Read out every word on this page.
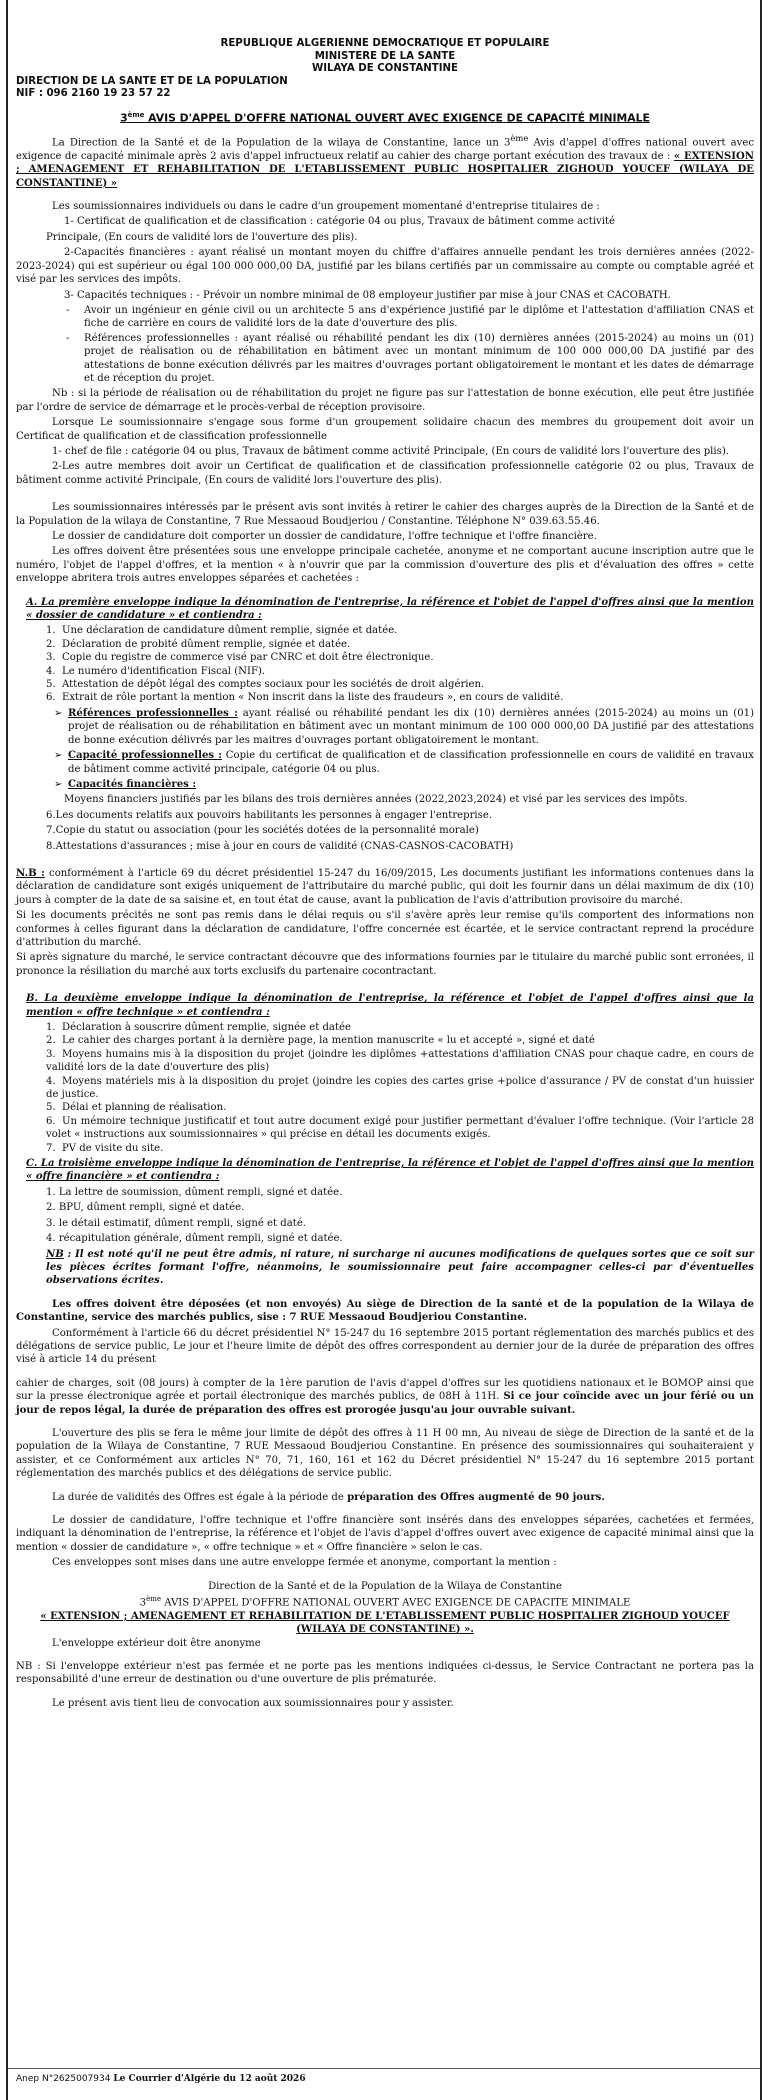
REPUBLIQUE ALGERIENNE DEMOCRATIQUE ET POPULAIRE
MINISTERE DE LA SANTE
WILAYA DE CONSTANTINE
DIRECTION DE LA SANTE ET DE LA POPULATION
NIF : 096 2160 19 23 57 22
3ème AVIS D'APPEL D'OFFRE NATIONAL OUVERT AVEC EXIGENCE DE CAPACITÉ MINIMALE

La Direction de la Santé et de la Population de la wilaya de Constantine, lance un 3ème Avis d'appel d'offres national ouvert avec exigence de capacité minimale après 2 avis d'appel infructueux relatif au cahier des charge portant exécution des travaux de : « EXTENSION ; AMENAGEMENT ET REHABILITATION DE L'ETABLISSEMENT PUBLIC HOSPITALIER ZIGHOUD YOUCEF (WILAYA DE CONSTANTINE) »

Les soumissionnaires individuels ou dans le cadre d'un groupement momentané d'entreprise titulaires de :

1- Certificat de qualification et de classification : catégorie 04 ou plus, Travaux de bâtiment comme activité

Principale, (En cours de validité lors de l'ouverture des plis).

2-Capacités financières : ayant réalisé un montant moyen du chiffre d'affaires annuelle pendant les trois dernières années (2022-2023-2024) qui est supérieur ou égal 100 000 000,00 DA, justifié par les bilans certifiés par un commissaire au compte ou comptable agréé et visé par les services des impôts.

3- Capacités techniques : - Prévoir un nombre minimal de 08 employeur justifier par mise à jour CNAS et CACOBATH.

- Avoir un ingénieur en génie civil ou un architecte 5 ans d'expérience justifié par le diplôme et l'attestation d'affiliation CNAS et fiche de carrière en cours de validité lors de la date d'ouverture des plis.
- Références professionnelles : ayant réalisé ou réhabilité pendant les dix (10) dernières années (2015-2024) au moins un (01) projet de réalisation ou de réhabilitation en bâtiment avec un montant minimum de 100 000 000,00 DA justifié par des attestations de bonne exécution délivrés par les maitres d'ouvrages portant obligatoirement le montant et les dates de démarrage et de réception du projet.

Nb : si la période de réalisation ou de réhabilitation du projet ne figure pas sur l'attestation de bonne exécution, elle peut être justifiée par l'ordre de service de démarrage et le procès-verbal de réception provisoire.

Lorsque Le soumissionnaire s'engage sous forme d'un groupement solidaire chacun des membres du groupement doit avoir un Certificat de qualification et de classification professionnelle

1- chef de file : catégorie 04 ou plus, Travaux de bâtiment comme activité Principale, (En cours de validité lors l'ouverture des plis).

2-Les autre membres doit avoir un Certificat de qualification et de classification professionnelle catégorie 02 ou plus, Travaux de bâtiment comme activité Principale, (En cours de validité lors l'ouverture des plis).

Les soumissionnaires intéressés par le présent avis sont invités à retirer le cahier des charges auprès de la Direction de la Santé et de la Population de la wilaya de Constantine, 7 Rue Messaoud Boudjeriou / Constantine. Téléphone N° 039.63.55.46.

Le dossier de candidature doit comporter un dossier de candidature, l'offre technique et l'offre financière.

Les offres doivent être présentées sous une enveloppe principale cachetée, anonyme et ne comportant aucune inscription autre que le numéro, l'objet de l'appel d'offres, et la mention « à n'ouvrir que par la commission d'ouverture des plis et d'évaluation des offres » cette enveloppe abritera trois autres enveloppes séparées et cachetées :

A. La première enveloppe indique la dénomination de l'entreprise, la référence et l'objet de l'appel d'offres ainsi que la mention « dossier de candidature » et contiendra :

1. Une déclaration de candidature dûment remplie, signée et datée.
2. Déclaration de probité dûment remplie, signée et datée.
3. Copie du registre de commerce visé par CNRC et doit être électronique.
4. Le numéro d'identification Fiscal (NIF).
5. Attestation de dépôt légal des comptes sociaux pour les sociétés de droit algérien.
6. Extrait de rôle portant la mention « Non inscrit dans la liste des fraudeurs », en cours de validité.

➢ Références professionnelles : ayant réalisé ou réhabilité pendant les dix (10) dernières années (2015-2024) au moins un (01) projet de réalisation ou de réhabilitation en bâtiment avec un montant minimum de 100 000 000,00 DA justifié par des attestations de bonne exécution délivrés par les maitres d'ouvrages portant obligatoirement le montant.

➢ Capacité professionnelles : Copie du certificat de qualification et de classification professionnelle en cours de validité en travaux de bâtiment comme activité principale, catégorie 04 ou plus.

➢ Capacités financières :

Moyens financiers justifiés par les bilans des trois dernières années (2022,2023,2024) et visé par les services des impôts.

6.Les documents relatifs aux pouvoirs habilitants les personnes à engager l'entreprise.

7.Copie du statut ou association (pour les sociétés dotées de la personnalité morale)

8.Attestations d'assurances ; mise à jour en cours de validité (CNAS-CASNOS-CACOBATH)

N.B : conformément à l'article 69 du décret présidentiel 15-247 du 16/09/2015, Les documents justifiant les informations contenues dans la déclaration de candidature sont exigés uniquement de l'attributaire du marché public, qui doit les fournir dans un délai maximum de dix (10) jours à compter de la date de sa saisine et, en tout état de cause, avant la publication de l'avis d'attribution provisoire du marché.

Si les documents précités ne sont pas remis dans le délai requis ou s'il s'avère après leur remise qu'ils comportent des informations non conformes à celles figurant dans la déclaration de candidature, l'offre concernée est écartée, et le service contractant reprend la procédure d'attribution du marché.

Si après signature du marché, le service contractant découvre que des informations fournies par le titulaire du marché public sont erronées, il prononce la résiliation du marché aux torts exclusifs du partenaire cocontractant.

B. La deuxième enveloppe indique la dénomination de l'entreprise, la référence et l'objet de l'appel d'offres ainsi que la mention « offre technique » et contiendra :

1. Déclaration à souscrire dûment remplie, signée et datée
2. Le cahier des charges portant à la dernière page, la mention manuscrite « lu et accepté », signé et daté
3. Moyens humains mis à la disposition du projet (joindre les diplômes +attestations d'affiliation CNAS pour chaque cadre, en cours de validité lors de la date d'ouverture des plis)
4. Moyens matériels mis à la disposition du projet (joindre les copies des cartes grise +police d'assurance / PV de constat d'un huissier de justice.
5. Délai et planning de réalisation.
6. Un mémoire technique justificatif et tout autre document exigé pour justifier permettant d'évaluer l'offre technique. (Voir l'article 28 volet « instructions aux soumissionnaires » qui précise en détail les documents exigés.
7. PV de visite du site.

C. La troisième enveloppe indique la dénomination de l'entreprise, la référence et l'objet de l'appel d'offres ainsi que la mention « offre financière » et contiendra :

1. La lettre de soumission, dûment rempli, signé et datée.

2. BPU, dûment rempli, signé et datée.

3. le détail estimatif, dûment rempli, signé et daté.

4. récapitulation générale, dûment rempli, signé et datée.

NB : Il est noté qu'il ne peut être admis, ni rature, ni surcharge ni aucunes modifications de quelques sortes que ce soit sur les pièces écrites formant l'offre, néanmoins, le soumissionnaire peut faire accompagner celles-ci par d'éventuelles observations écrites.

Les offres doivent être déposées (et non envoyés) Au siège de Direction de la santé et de la population de la Wilaya de Constantine, service des marchés publics, sise : 7 RUE Messaoud Boudjeriou Constantine.

Conformément à l'article 66 du décret présidentiel N° 15-247 du 16 septembre 2015 portant réglementation des marchés publics et des délégations de service public, Le jour et l'heure limite de dépôt des offres correspondent au dernier jour de la durée de préparation des offres visé à article 14 du présent

cahier de charges, soit (08 jours) à compter de la 1ère parution de l'avis d'appel d'offres sur les quotidiens nationaux et le BOMOP ainsi que sur la presse électronique agrée et portail électronique des marchés publics, de 08H à 11H. Si ce jour coïncide avec un jour férié ou un jour de repos légal, la durée de préparation des offres est prorogée jusqu'au jour ouvrable suivant.

L'ouverture des plis se fera le même jour limite de dépôt des offres à 11 H 00 mn, Au niveau de siège de Direction de la santé et de la population de la Wilaya de Constantine, 7 RUE Messaoud Boudjeriou Constantine. En présence des soumissionnaires qui souhaiteraient y assister, et ce Conformément aux articles N° 70, 71, 160, 161 et 162 du Décret présidentiel N° 15-247 du 16 septembre 2015 portant réglementation des marchés publics et des délégations de service public.

La durée de validités des Offres est égale à la période de préparation des Offres augmenté de 90 jours.

Le dossier de candidature, l'offre technique et l'offre financière sont insérés dans des enveloppes séparées, cachetées et fermées, indiquant la dénomination de l'entreprise, la référence et l'objet de l'avis d'appel d'offres ouvert avec exigence de capacité minimal ainsi que la mention « dossier de candidature », « offre technique » et « Offre financière » selon le cas.

Ces enveloppes sont mises dans une autre enveloppe fermée et anonyme, comportant la mention :

Direction de la Santé et de la Population de la Wilaya de Constantine
3ème AVIS D'APPEL D'OFFRE NATIONAL OUVERT AVEC EXIGENCE DE CAPACITE MINIMALE
« EXTENSION ; AMENAGEMENT ET REHABILITATION DE L'ETABLISSEMENT PUBLIC HOSPITALIER ZIGHOUD YOUCEF (WILAYA DE CONSTANTINE) ».

L'enveloppe extérieur doit être anonyme

NB : Si l'enveloppe extérieur n'est pas fermée et ne porte pas les mentions indiquées ci-dessus, le Service Contractant ne portera pas la responsabilité d'une erreur de destination ou d'une ouverture de plis prématurée.

Le présent avis tient lieu de convocation aux soumissionnaires pour y assister.

Anep N°2625007934 Le Courrier d'Algérie du 12 août 2026
